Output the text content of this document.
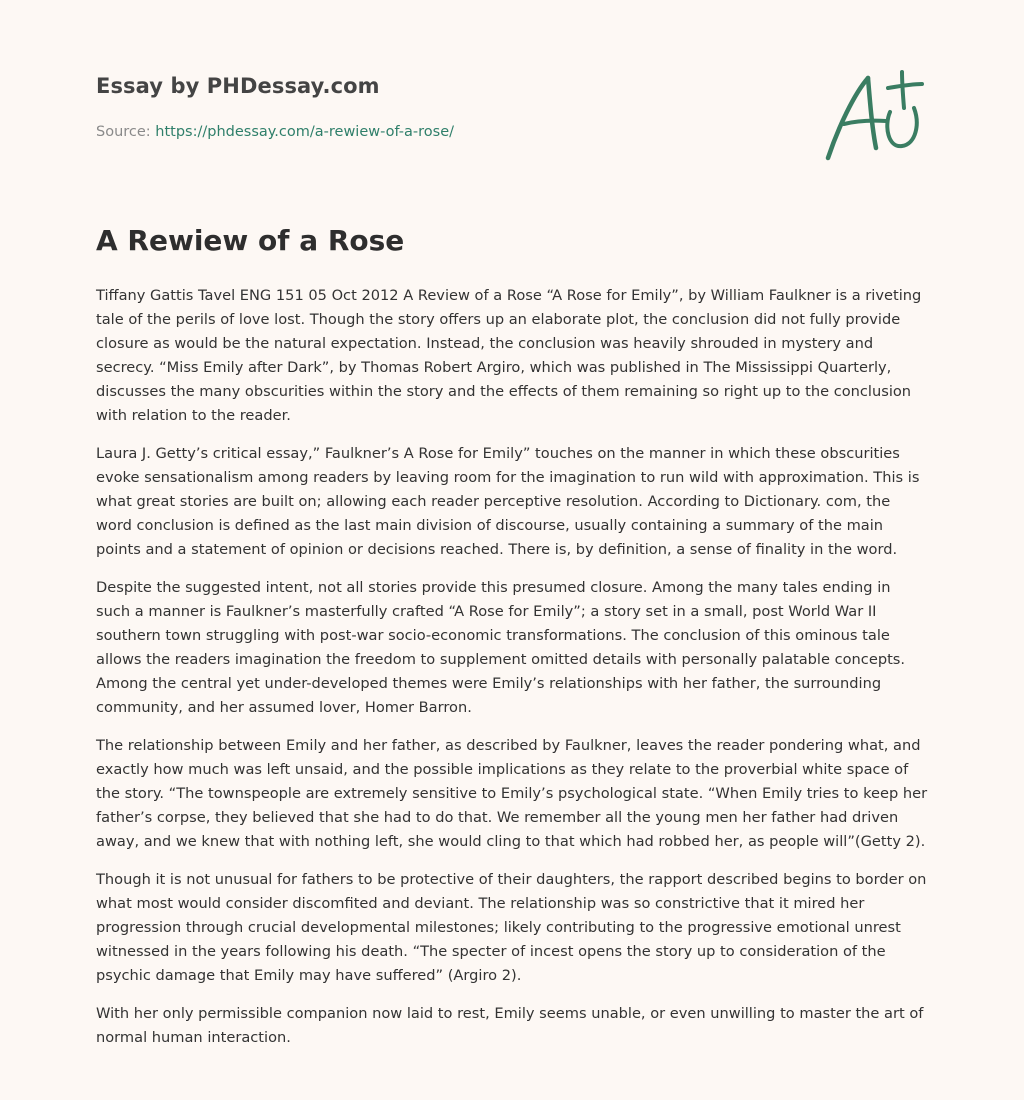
Essay by PHDessay.com
Source: https://phdessay.com/a-rewiew-of-a-rose/
A Rewiew of a Rose

Tiffany Gattis Tavel ENG 151 05 Oct 2012 A Review of a Rose “A Rose for Emily”, by William Faulkner is a riveting tale of the perils of love lost. Though the story offers up an elaborate plot, the conclusion did not fully provide closure as would be the natural expectation. Instead, the conclusion was heavily shrouded in mystery and secrecy. “Miss Emily after Dark”, by Thomas Robert Argiro, which was published in The Mississippi Quarterly, discusses the many obscurities within the story and the effects of them remaining so right up to the conclusion with relation to the reader.

Laura J. Getty’s critical essay,” Faulkner’s A Rose for Emily” touches on the manner in which these obscurities evoke sensationalism among readers by leaving room for the imagination to run wild with approximation. This is what great stories are built on; allowing each reader perceptive resolution. According to Dictionary. com, the word conclusion is defined as the last main division of discourse, usually containing a summary of the main points and a statement of opinion or decisions reached. There is, by definition, a sense of finality in the word.

Despite the suggested intent, not all stories provide this presumed closure. Among the many tales ending in such a manner is Faulkner’s masterfully crafted “A Rose for Emily”; a story set in a small, post World War II southern town struggling with post-war socio-economic transformations. The conclusion of this ominous tale allows the readers imagination the freedom to supplement omitted details with personally palatable concepts. Among the central yet under-developed themes were Emily’s relationships with her father, the surrounding community, and her assumed lover, Homer Barron.

The relationship between Emily and her father, as described by Faulkner, leaves the reader pondering what, and exactly how much was left unsaid, and the possible implications as they relate to the proverbial white space of the story. “The townspeople are extremely sensitive to Emily’s psychological state. “When Emily tries to keep her father’s corpse, they believed that she had to do that. We remember all the young men her father had driven away, and we knew that with nothing left, she would cling to that which had robbed her, as people will”(Getty 2).

Though it is not unusual for fathers to be protective of their daughters, the rapport described begins to border on what most would consider discomfited and deviant. The relationship was so constrictive that it mired her progression through crucial developmental milestones; likely contributing to the progressive emotional unrest witnessed in the years following his death. “The specter of incest opens the story up to consideration of the psychic damage that Emily may have suffered” (Argiro 2).

With her only permissible companion now laid to rest, Emily seems unable, or even unwilling to master the art of normal human interaction.
